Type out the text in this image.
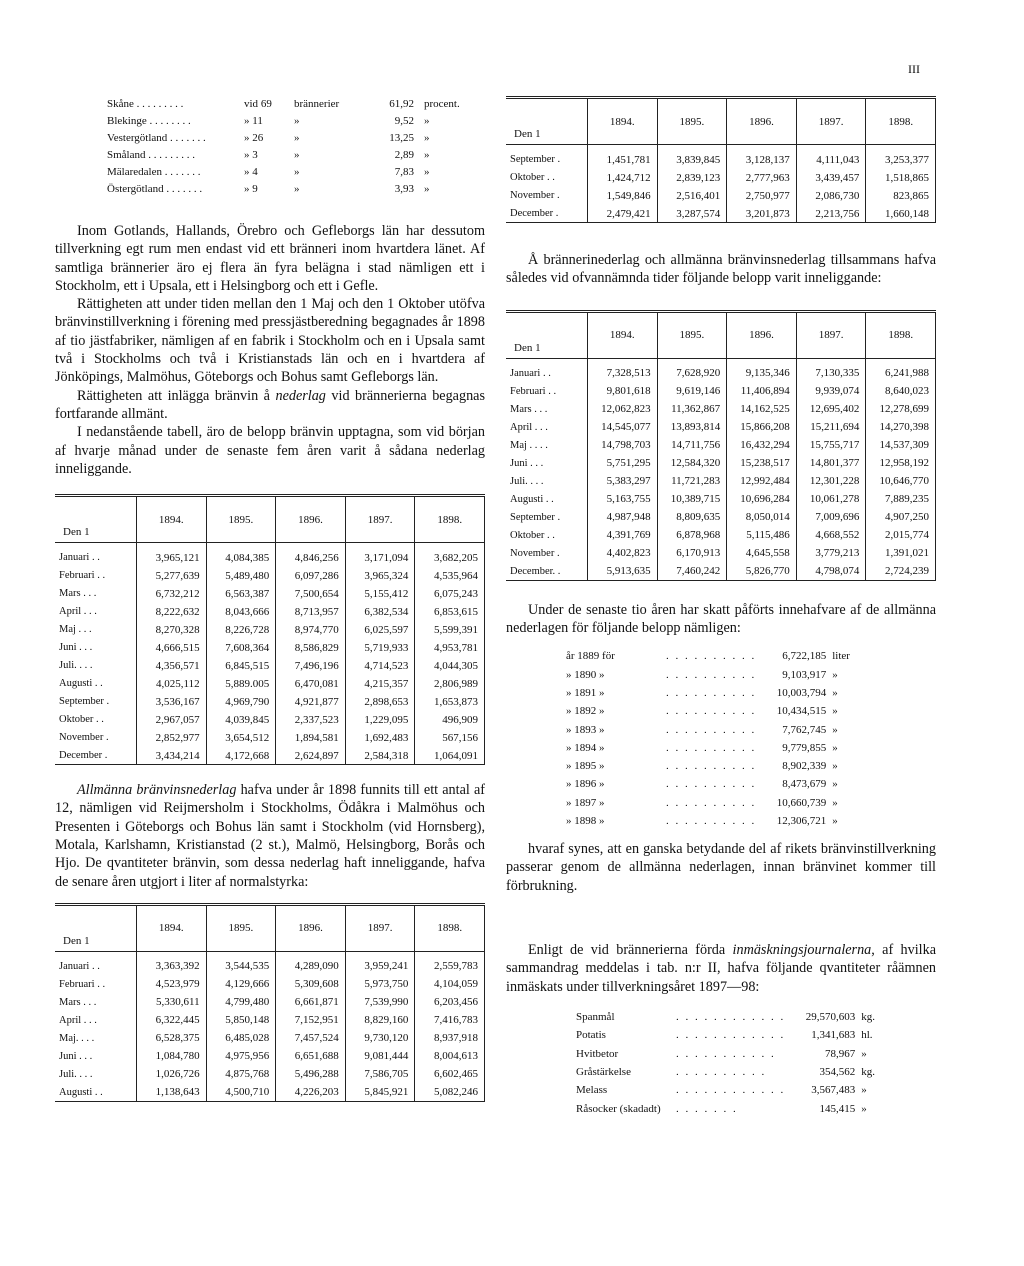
III
Skåne . . . . . . . . .	vid 69	brännerier	61,92	procent.
Blekinge . . . . . . . .	» 11	»	9,52	»
Vestergötland . . . . . . .	» 26	»	13,25	»
Småland . . . . . . . . .	» 3	»	2,89	»
Mälaredalen . . . . . . .	» 4	»	7,83	»
Östergötland . . . . . . .	» 9	»	3,93	»

Inom Gotlands, Hallands, Örebro och Gefleborgs län har dessutom tillverkning egt rum men endast vid ett bränneri inom hvartdera länet. Af samtliga brännerier äro ej flera än fyra belägna i stad nämligen ett i Stockholm, ett i Upsala, ett i Helsingborg och ett i Gefle.

Rättigheten att under tiden mellan den 1 Maj och den 1 Oktober utöfva bränvinstillverkning i förening med pressjästberedning begagnades år 1898 af tio jästfabriker, nämligen af en fabrik i Stockholm och en i Upsala samt två i Stockholms och två i Kristianstads län och en i hvartdera af Jönköpings, Malmöhus, Göteborgs och Bohus samt Gefleborgs län.

Rättigheten att inlägga bränvin å nederlag vid brännerierna begagnas fortfarande allmänt.

I nedanstående tabell, äro de belopp bränvin upptagna, som vid början af hvarje månad under de senaste fem åren varit å sådana nederlag inneliggande.

Den 1	1894.	1895.	1896.	1897.	1898.
Januari . .	3,965,121	4,084,385	4,846,256	3,171,094	3,682,205
Februari . .	5,277,639	5,489,480	6,097,286	3,965,324	4,535,964
Mars . . .	6,732,212	6,563,387	7,500,654	5,155,412	6,075,243
April . . .	8,222,632	8,043,666	8,713,957	6,382,534	6,853,615
Maj . . .	8,270,328	8,226,728	8,974,770	6,025,597	5,599,391
Juni . . .	4,666,515	7,608,364	8,586,829	5,719,933	4,953,781
Juli. . . .	4,356,571	6,845,515	7,496,196	4,714,523	4,044,305
Augusti . .	4,025,112	5,889.005	6,470,081	4,215,357	2,806,989
September .	3,536,167	4,969,790	4,921,877	2,898,653	1,653,873
Oktober . .	2,967,057	4,039,845	2,337,523	1,229,095	496,909
November .	2,852,977	3,654,512	1,894,581	1,692,483	567,156
December .	3,434,214	4,172,668	2,624,897	2,584,318	1,064,091

Allmänna bränvinsnederlag hafva under år 1898 funnits till ett antal af 12, nämligen vid Reijmersholm i Stockholms, Ödåkra i Malmöhus och Presenten i Göteborgs och Bohus län samt i Stockholm (vid Hornsberg), Motala, Karlshamn, Kristianstad (2 st.), Malmö, Helsingborg, Borås och Hjo. De qvantiteter bränvin, som dessa nederlag haft inneliggande, hafva de senare åren utgjort i liter af normalstyrka:

Den 1	1894.	1895.	1896.	1897.	1898.
Januari . .	3,363,392	3,544,535	4,289,090	3,959,241	2,559,783
Februari . .	4,523,979	4,129,666	5,309,608	5,973,750	4,104,059
Mars . . .	5,330,611	4,799,480	6,661,871	7,539,990	6,203,456
April . . .	6,322,445	5,850,148	7,152,951	8,829,160	7,416,783
Maj. . . .	6,528,375	6,485,028	7,457,524	9,730,120	8,937,918
Juni . . .	1,084,780	4,975,956	6,651,688	9,081,444	8,004,613
Juli. . . .	1,026,726	4,875,768	5,496,288	7,586,705	6,602,465
Augusti . .	1,138,643	4,500,710	4,226,203	5,845,921	5,082,246
Den 1	1894.	1895.	1896.	1897.	1898.
September .	1,451,781	3,839,845	3,128,137	4,111,043	3,253,377
Oktober . .	1,424,712	2,839,123	2,777,963	3,439,457	1,518,865
November .	1,549,846	2,516,401	2,750,977	2,086,730	823,865
December .	2,479,421	3,287,574	3,201,873	2,213,756	1,660,148

Å brännerinederlag och allmänna bränvinsnederlag tillsammans hafva således vid ofvannämnda tider följande belopp varit inneliggande:

Den 1	1894.	1895.	1896.	1897.	1898.
Januari . .	7,328,513	7,628,920	9,135,346	7,130,335	6,241,988
Februari . .	9,801,618	9,619,146	11,406,894	9,939,074	8,640,023
Mars . . .	12,062,823	11,362,867	14,162,525	12,695,402	12,278,699
April . . .	14,545,077	13,893,814	15,866,208	15,211,694	14,270,398
Maj . . . .	14,798,703	14,711,756	16,432,294	15,755,717	14,537,309
Juni . . .	5,751,295	12,584,320	15,238,517	14,801,377	12,958,192
Juli. . . .	5,383,297	11,721,283	12,992,484	12,301,228	10,646,770
Augusti . .	5,163,755	10,389,715	10,696,284	10,061,278	7,889,235
September .	4,987,948	8,809,635	8,050,014	7,009,696	4,907,250
Oktober . .	4,391,769	6,878,968	5,115,486	4,668,552	2,015,774
November .	4,402,823	6,170,913	4,645,558	3,779,213	1,391,021
December. .	5,913,635	7,460,242	5,826,770	4,798,074	2,724,239

Under de senaste tio åren har skatt påförts innehafvare af de allmänna nederlagen för följande belopp nämligen:

år 1889 för	. . . . . . . . . .	6,722,185	liter
» 1890 »	. . . . . . . . . .	9,103,917	»
» 1891 »	. . . . . . . . . .	10,003,794	»
» 1892 »	. . . . . . . . . .	10,434,515	»
» 1893 »	. . . . . . . . . .	7,762,745	»
» 1894 »	. . . . . . . . . .	9,779,855	»
» 1895 »	. . . . . . . . . .	8,902,339	»
» 1896 »	. . . . . . . . . .	8,473,679	»
» 1897 »	. . . . . . . . . .	10,660,739	»
» 1898 »	. . . . . . . . . .	12,306,721	»

hvaraf synes, att en ganska betydande del af rikets bränvinstillverkning passerar genom de allmänna nederlagen, innan bränvinet kommer till förbrukning.

Enligt de vid brännerierna förda inmäskningsjournalerna, af hvilka sammandrag meddelas i tab. n:r II, hafva följande qvantiteter råämnen inmäskats under tillverkningsåret 1897—98:

Spanmål	. . . . . . . . . . . .	29,570,603	kg.
Potatis	. . . . . . . . . . . .	1,341,683	hl.
Hvitbetor	. . . . . . . . . . .	78,967	»
Gråstärkelse	. . . . . . . . . .	354,562	kg.
Melass	. . . . . . . . . . . .	3,567,483	»
Råsocker (skadadt)	. . . . . . .	145,415	»
